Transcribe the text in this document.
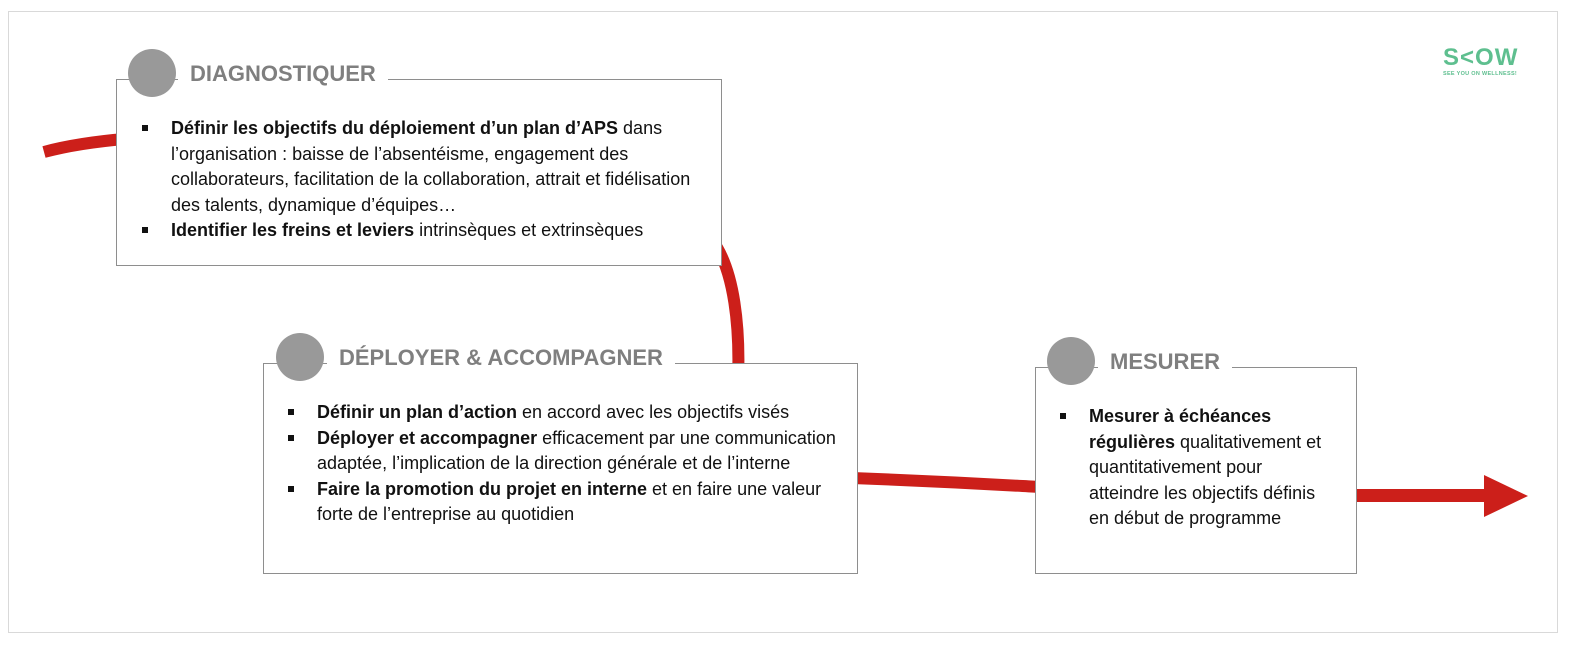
Définir les objectifs du déploiement d’un plan d’APS dans l’organisation : baisse de l’absentéisme, engagement des collaborateurs, facilitation de la collaboration, attrait et fidélisation des talents, dynamique d’équipes…
Identifier les freins et leviers intrinsèques et extrinsèques
DIAGNOSTIQUER
Définir un plan d’action en accord avec les objectifs visés
Déployer et accompagner efficacement par une communication adaptée, l’implication de la direction générale et de l’interne
Faire la promotion du projet en interne et en faire une valeur forte de l’entreprise au quotidien
DÉPLOYER & ACCOMPAGNER
Mesurer à échéances régulières qualitativement et quantitativement pour atteindre les objectifs définis en début de programme
MESURER
S<OW
SEE YOU ON WELLNESS!
